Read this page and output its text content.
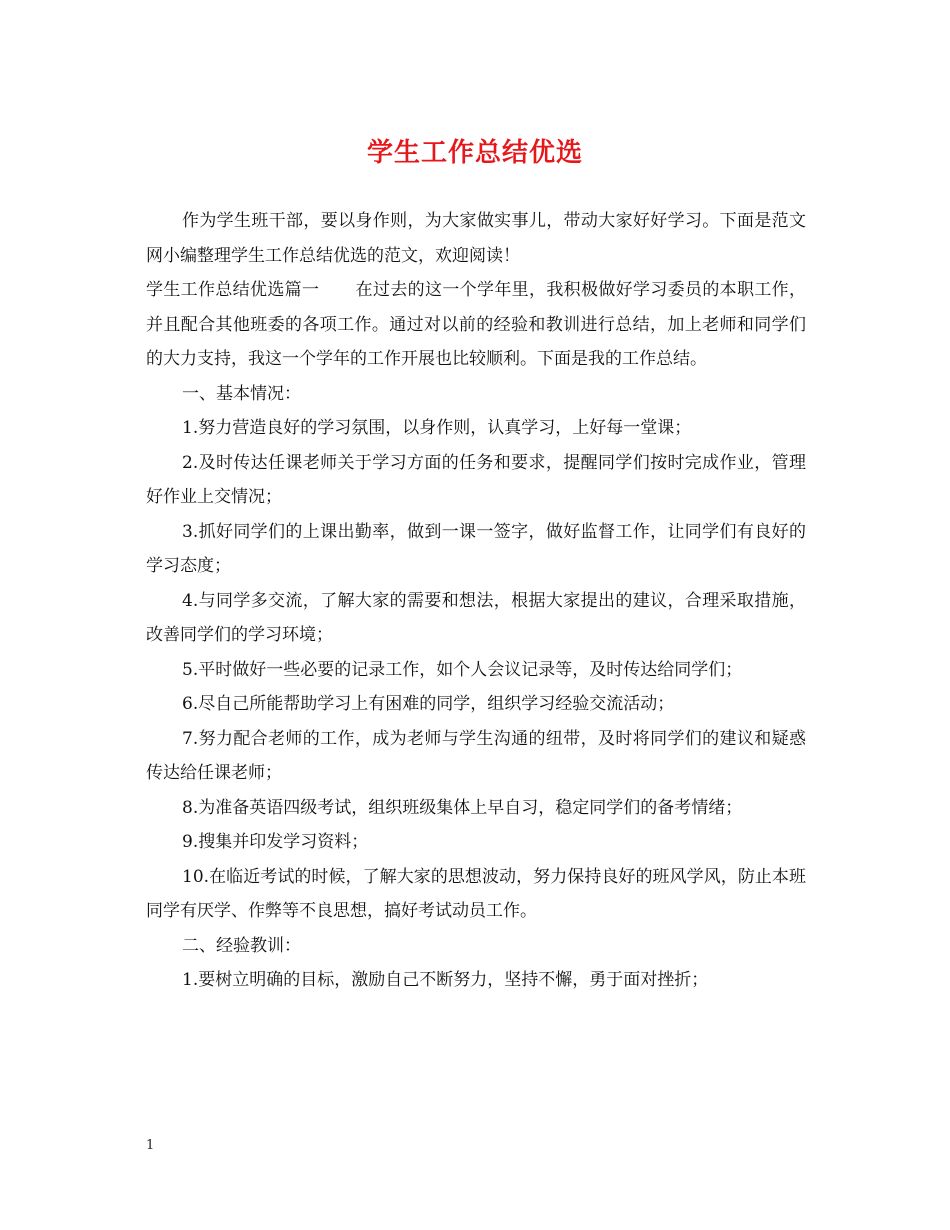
学生工作总结优选

作为学生班干部，要以身作则，为大家做实事儿，带动大家好好学习。下面是范文网小编整理学生工作总结优选的范文，欢迎阅读！

学生工作总结优选篇一 在过去的这一个学年里，我积极做好学习委员的本职工作，并且配合其他班委的各项工作。通过对以前的经验和教训进行总结，加上老师和同学们的大力支持，我这一个学年的工作开展也比较顺利。下面是我的工作总结。

一、基本情况：

1.努力营造良好的学习氛围，以身作则，认真学习，上好每一堂课；

2.及时传达任课老师关于学习方面的任务和要求，提醒同学们按时完成作业，管理好作业上交情况；

3.抓好同学们的上课出勤率，做到一课一签字，做好监督工作，让同学们有良好的学习态度；

4.与同学多交流，了解大家的需要和想法，根据大家提出的建议，合理采取措施，改善同学们的学习环境；

5.平时做好一些必要的记录工作，如个人会议记录等，及时传达给同学们；

6.尽自己所能帮助学习上有困难的同学，组织学习经验交流活动；

7.努力配合老师的工作，成为老师与学生沟通的纽带，及时将同学们的建议和疑惑传达给任课老师；

8.为准备英语四级考试，组织班级集体上早自习，稳定同学们的备考情绪；

9.搜集并印发学习资料；

10.在临近考试的时候，了解大家的思想波动，努力保持良好的班风学风，防止本班同学有厌学、作弊等不良思想，搞好考试动员工作。

二、经验教训：

1.要树立明确的目标，激励自己不断努力，坚持不懈，勇于面对挫折；

1
